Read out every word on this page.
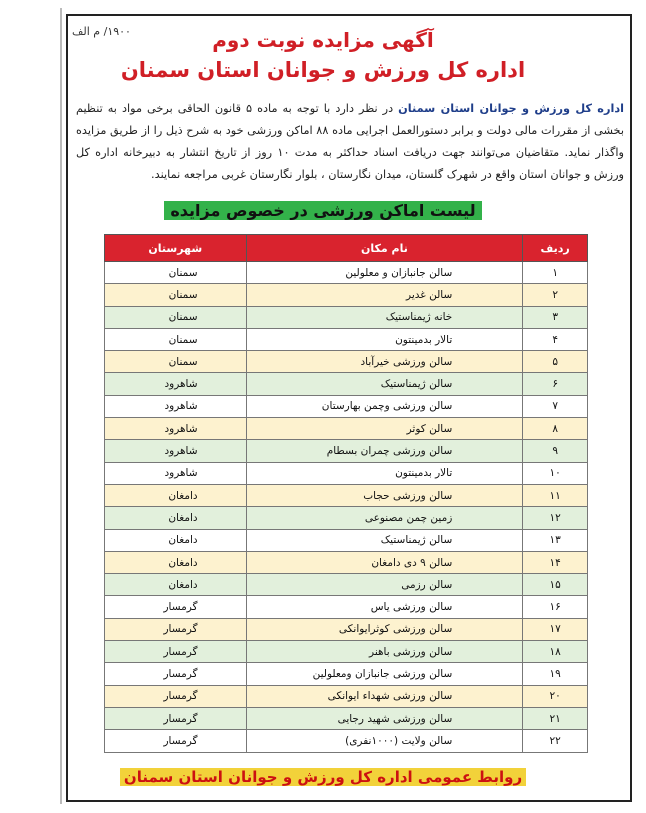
۱۹۰۰/ م الف	آگهی مزایده نوبت دوم
اداره کل ورزش و جوانان استان سمنان
اداره کل ورزش و جوانان استان سمنان در نظر دارد با توجه به ماده ۵ قانون الحاقی برخی مواد به تنظیم بخشی از مقررات مالی دولت و برابر دستورالعمل اجرایی ماده ۸۸ اماکن ورزشی خود به شرح ذیل را از طریق مزایده واگذار نماید. متقاضیان می‌توانند جهت دریافت اسناد حداکثر به مدت ۱۰ روز از تاریخ انتشار به دبیرخانه اداره کل ورزش و جوانان استان واقع در شهرک گلستان، میدان نگارستان ، بلوار نگارستان غربی مراجعه نمایند.
لیست اماکن ورزشی در خصوص مزایده
ردیف	نام مکان	شهرستان
۱	سالن جانبازان و معلولین	سمنان
۲	سالن غدیر	سمنان
۳	خانه ژیمناستیک	سمنان
۴	تالار بدمینتون	سمنان
۵	سالن ورزشی خیرآباد	سمنان
۶	سالن ژیمناستیک	شاهرود
۷	سالن ورزشی وچمن بهارستان	شاهرود
۸	سالن کوثر	شاهرود
۹	سالن ورزشی چمران بسطام	شاهرود
۱۰	تالار بدمینتون	شاهرود
۱۱	سالن ورزشی حجاب	دامغان
۱۲	زمین چمن مصنوعی	دامغان
۱۳	سالن ژیمناستیک	دامغان
۱۴	سالن ۹ دی دامغان	دامغان
۱۵	سالن رزمی	دامغان
۱۶	سالن ورزشی یاس	گرمسار
۱۷	سالن ورزشی کوثرایوانکی	گرمسار
۱۸	سالن ورزشی باهنر	گرمسار
۱۹	سالن ورزشی جانبازان ومعلولین	گرمسار
۲۰	سالن ورزشی شهداء ایوانکی	گرمسار
۲۱	سالن ورزشی شهید رجایی	گرمسار
۲۲	سالن ولایت (۱۰۰۰نفری)	گرمسار
روابط عمومی اداره کل ورزش و جوانان استان سمنان
